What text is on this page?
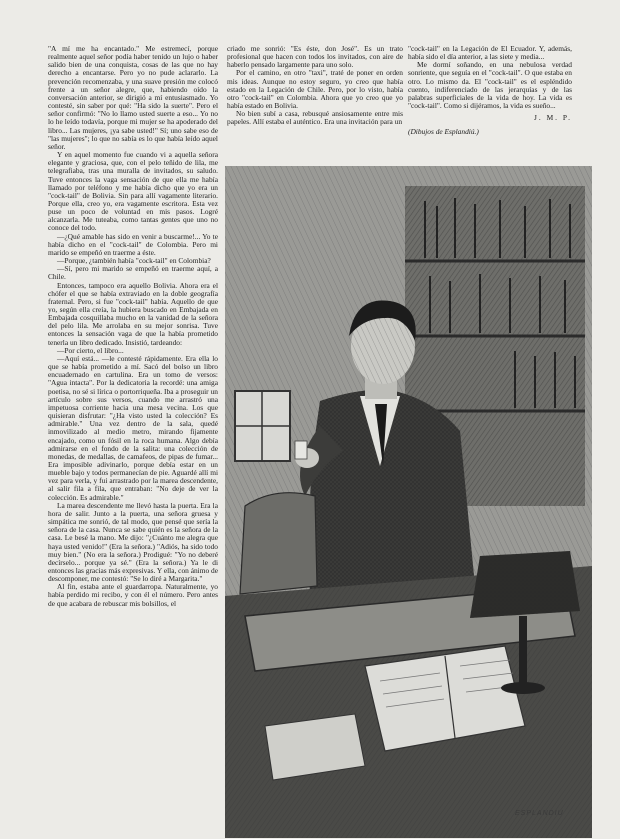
"A mí me ha encantado." Me estremecí, porque realmente aquel señor podía haber tenido un lujo o haber salido bien de una conquista, cosas de las que no hay derecho a encantarse. Pero yo no pude aclararlo. La prevención recomenzaba, y una suave presión me colocó frente a un señor alegre, que, habiendo oído la conversación anterior, se dirigió a mí entusiasmado. Yo contesté, sin saber por qué: "Ha sido la suerte". Pero el señor confirmó: "No lo llamo usted suerte a eso... Yo no lo he leído todavía, porque mi mujer se ha apoderado del libro... Las mujeres, ¡ya sabe usted!" Sí; uno sabe eso de "las mujeres"; lo que no sabía es lo que había leído aquel señor.

Y en aquel momento fue cuando vi a aquella señora elegante y graciosa, que, con el pelo teñido de lila, me telegrafiaba, tras una muralla de invitados, su saludo. Tuve entonces la vaga sensación de que ella me había llamado por teléfono y me había dicho que yo era un "cock-tail" de Bolivia. Sin para allí vagamente literario. Porque ella, creo yo, era vagamente escritora. Esta vez puse un poco de voluntad en mis pasos. Logré alcanzarla. Me tuteaba, como tantas gentes que uno no conoce del todo.

—¿Qué amable has sido en venir a buscarme!... Yo te había dicho en el "cock-tail" de Colombia. Pero mi marido se empeñó en traerme a éste.

—Porque, ¿también había "cock-tail" en Colombia?

—Sí, pero mi marido se empeñó en traerme aquí, a Chile.

Entonces, tampoco era aquello Bolivia. Ahora era el chófer el que se había extraviado en la doble geografía fraternal. Pero, si fue "cock-tail" había. Aquello de que yo, según ella creía, la hubiera buscado en Embajada en Embajada cosquillaba mucho en la vanidad de la señora del pelo lila. Me arrolaba en su mejor sonrisa. Tuve entonces la sensación vaga de que la había prometido tenerla un libro dedicado. Insistió, tardeando:

—Por cierto, el libro...

—Aquí está... —le contesté rápidamente. Era ella lo que se había prometido a mí. Sacó del bolso un libro encuadernado en cartulina. Era un tomo de versos: "Agua intacta". Por la dedicatoria la recordé: una amiga poetisa, no sé si lírica o portorriqueña. Iba a proseguir un artículo sobre sus versos, cuando me arrastró una impetuosa corriente hacia una mesa vecina. Los que quisieran disfrutar: "¿Ha visto usted la colección? Es admirable." Una vez dentro de la sala, quedé inmovilizado al medio metro, mirando fijamente encajado, como un fósil en la roca humana. Algo debía admirarse en el fondo de la salita: una colección de monedas, de medallas, de camafeos, de pipas de fumar... Era imposible adivinarlo, porque debía estar en un mueble bajo y todos permanecían de pie. Aguardé allí mi vez para verla, y fui arrastrado por la marea descendente, al salir fila a fila, que entraban: "No deje de ver la colección. Es admirable."

La marea descendente me llevó hasta la puerta. Era la hora de salir. Junto a la puerta, una señora gruesa y simpática me sonrió, de tal modo, que pensé que sería la señora de la casa. Nunca se sabe quién es la señora de la casa. Le besé la mano. Me dijo: "¿Cuánto me alegra que haya usted venido!" (Era la señora.) "Adiós, ha sido todo muy bien." (No era la señora.) Prodigué: "Yo no deberé decírselo... porque ya sé." (Era la señora.) Ya le di entonces las gracias más expresivas. Y ella, con ánimo de descomponer, me contestó: "Se lo diré a Margarita."

Al fin, estaba ante el guardarropa. Naturalmente, yo había perdido mi recibo, y con él el número. Pero antes de que acabara de rebuscar mis bolsillos, el

criado me sonrió: "Es éste, don José". Es un trato profesional que hacen con todos los invitados, con aire de haberlo pensado largamente para uno solo.

Por el camino, en otro "taxi", traté de poner en orden mis ideas. Aunque no estoy seguro, yo creo que había estado en la Legación de Chile. Pero, por lo visto, había otro "cock-tail" en Colombia. Ahora que yo creo que yo había estado en Bolivia.

No bien subí a casa, rebusqué ansiosamente entre mis papeles. Allí estaba el auténtico. Era una invitación para un

"cock-tail" en la Legación de El Ecuador. Y, además, había sido el día anterior, a las siete y media...

Me dormí soñando, en una nebulosa verdad sonriente, que seguía en el "cock-tail". O que estaba en otro. Lo mismo da. El "cock-tail" es el espléndido cuento, indiferenciado de las jerarquías y de las palabras superficiales de la vida de hoy. La vida es "cock-tail". Como si dijéramos, la vida es sueño...

J. M. P.

(Dibujos de Esplandiú.)

ESPLANDIU
